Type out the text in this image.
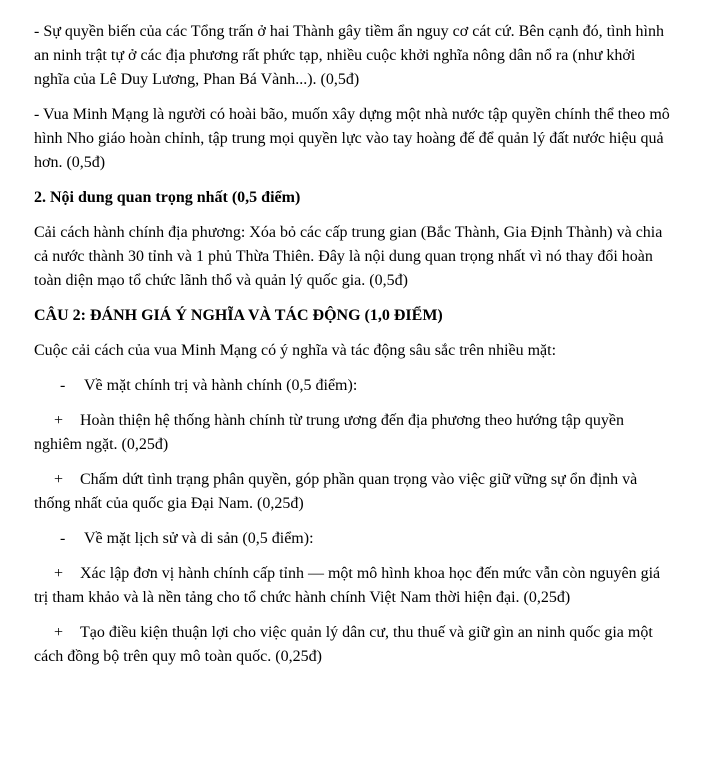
- Sự quyền biến của các Tổng trấn ở hai Thành gây tiềm ẩn nguy cơ cát cứ. Bên cạnh đó, tình hình an ninh trật tự ở các địa phương rất phức tạp, nhiều cuộc khởi nghĩa nông dân nổ ra (như khởi nghĩa của Lê Duy Lương, Phan Bá Vành...). (0,5đ)

- Vua Minh Mạng là người có hoài bão, muốn xây dựng một nhà nước tập quyền chính thể theo mô hình Nho giáo hoàn chỉnh, tập trung mọi quyền lực vào tay hoàng đế để quản lý đất nước hiệu quả hơn. (0,5đ)

2. Nội dung quan trọng nhất (0,5 điểm)

Cải cách hành chính địa phương: Xóa bỏ các cấp trung gian (Bắc Thành, Gia Định Thành) và chia cả nước thành 30 tỉnh và 1 phủ Thừa Thiên. Đây là nội dung quan trọng nhất vì nó thay đổi hoàn toàn diện mạo tổ chức lãnh thổ và quản lý quốc gia. (0,5đ)

CÂU 2: ĐÁNH GIÁ Ý NGHĨA VÀ TÁC ĐỘNG (1,0 ĐIỂM)

Cuộc cải cách của vua Minh Mạng có ý nghĩa và tác động sâu sắc trên nhiều mặt:

- Về mặt chính trị và hành chính (0,5 điểm):

+ Hoàn thiện hệ thống hành chính từ trung ương đến địa phương theo hướng tập quyền nghiêm ngặt. (0,25đ)

+ Chấm dứt tình trạng phân quyền, góp phần quan trọng vào việc giữ vững sự ổn định và thống nhất của quốc gia Đại Nam. (0,25đ)

- Về mặt lịch sử và di sản (0,5 điểm):

+ Xác lập đơn vị hành chính cấp tỉnh — một mô hình khoa học đến mức vẫn còn nguyên giá trị tham khảo và là nền tảng cho tổ chức hành chính Việt Nam thời hiện đại. (0,25đ)

+ Tạo điều kiện thuận lợi cho việc quản lý dân cư, thu thuế và giữ gìn an ninh quốc gia một cách đồng bộ trên quy mô toàn quốc. (0,25đ)
